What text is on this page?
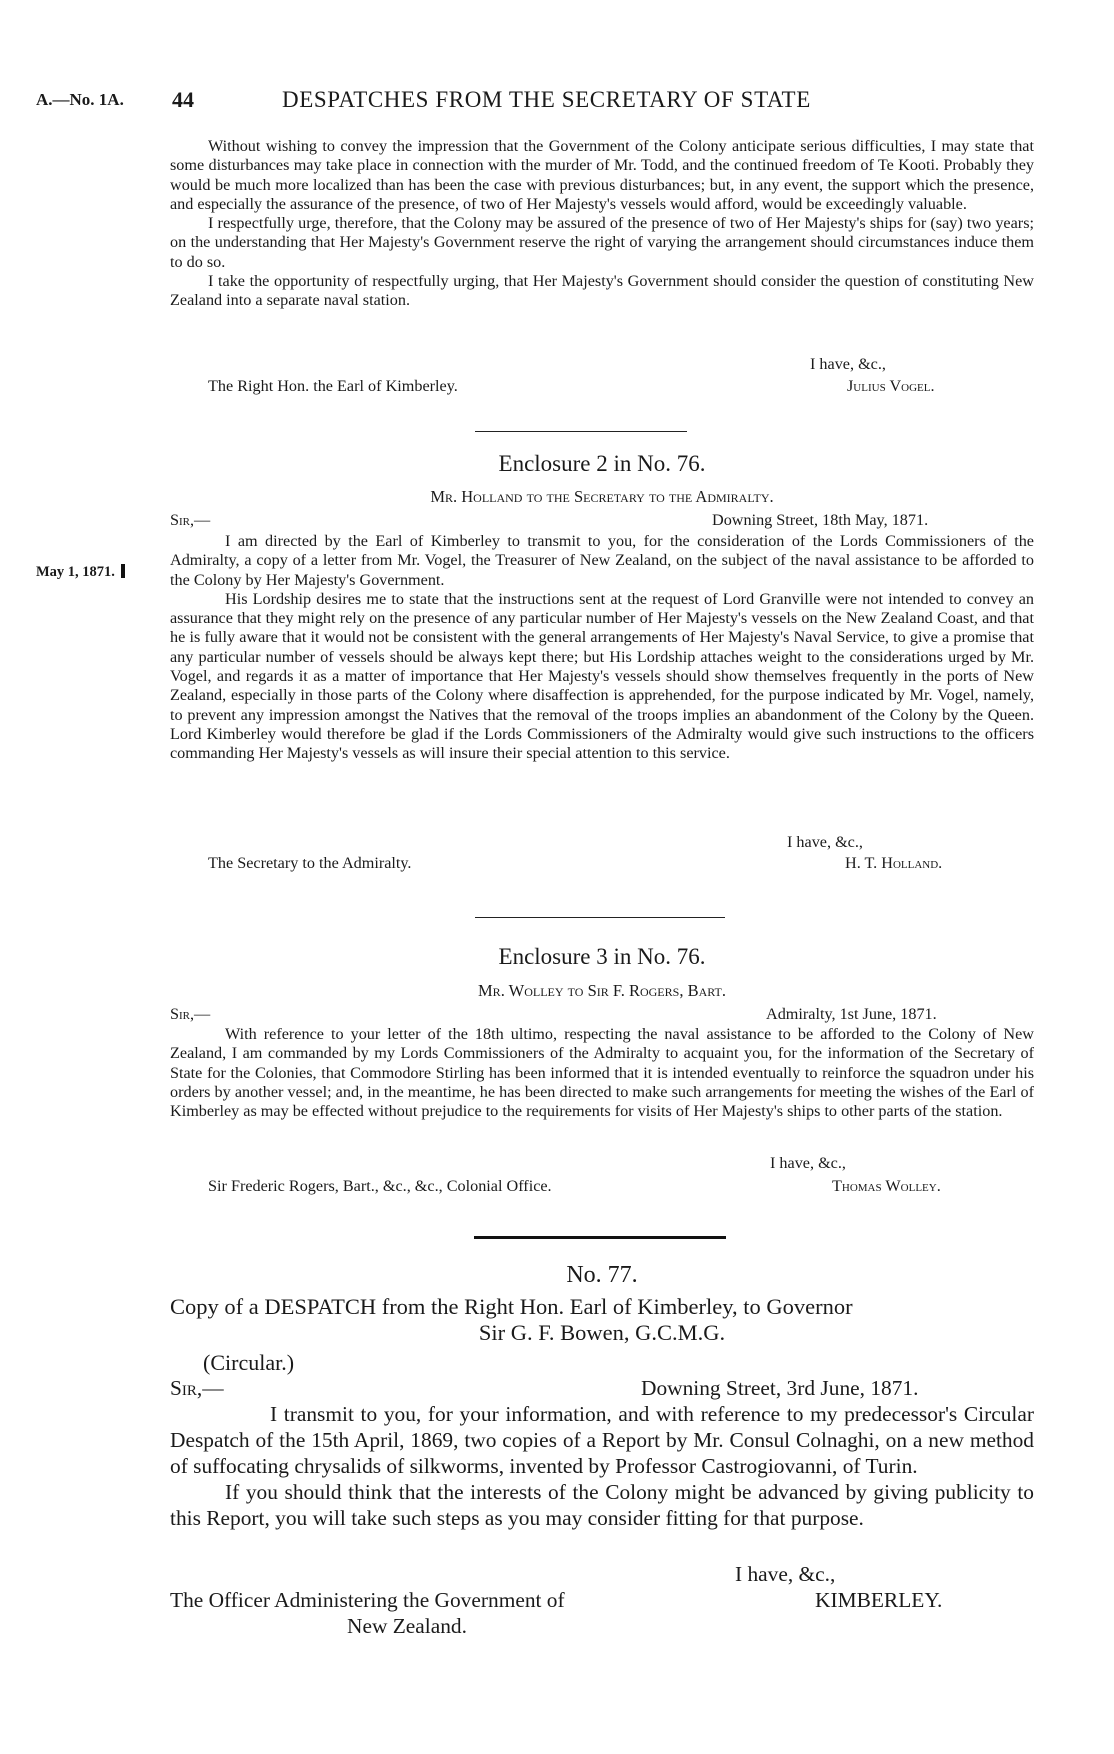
A.—No. 1A. 44	DESPATCHES FROM THE SECRETARY OF STATE

Without wishing to convey the impression that the Government of the Colony anticipate serious difficulties, I may state that some disturbances may take place in connection with the murder of Mr. Todd, and the continued freedom of Te Kooti. Probably they would be much more localized than has been the case with previous disturbances; but, in any event, the support which the presence, and especially the assurance of the presence, of two of Her Majesty's vessels would afford, would be exceedingly valuable.

I respectfully urge, therefore, that the Colony may be assured of the presence of two of Her Majesty's ships for (say) two years; on the understanding that Her Majesty's Government reserve the right of varying the arrangement should circumstances induce them to do so.

I take the opportunity of respectfully urging, that Her Majesty's Government should consider the question of constituting New Zealand into a separate naval station.

I have, &c.,
The Right Hon. the Earl of Kimberley.	Julius Vogel.
Enclosure 2 in No. 76.
Mr. Holland to the Secretary to the Admiralty.
Sir,—	Downing Street, 18th May, 1871.
May 1, 1871.

I am directed by the Earl of Kimberley to transmit to you, for the consideration of the Lords Commissioners of the Admiralty, a copy of a letter from Mr. Vogel, the Treasurer of New Zealand, on the subject of the naval assistance to be afforded to the Colony by Her Majesty's Government.

His Lordship desires me to state that the instructions sent at the request of Lord Granville were not intended to convey an assurance that they might rely on the presence of any particular number of Her Majesty's vessels on the New Zealand Coast, and that he is fully aware that it would not be consistent with the general arrangements of Her Majesty's Naval Service, to give a promise that any particular number of vessels should be always kept there; but His Lordship attaches weight to the considerations urged by Mr. Vogel, and regards it as a matter of importance that Her Majesty's vessels should show themselves frequently in the ports of New Zealand, especially in those parts of the Colony where disaffection is apprehended, for the purpose indicated by Mr. Vogel, namely, to prevent any impression amongst the Natives that the removal of the troops implies an abandonment of the Colony by the Queen. Lord Kimberley would therefore be glad if the Lords Commissioners of the Admiralty would give such instructions to the officers commanding Her Majesty's vessels as will insure their special attention to this service.

I have, &c.,
The Secretary to the Admiralty.	H. T. Holland.
Enclosure 3 in No. 76.
Mr. Wolley to Sir F. Rogers, Bart.
Sir,—	Admiralty, 1st June, 1871.

With reference to your letter of the 18th ultimo, respecting the naval assistance to be afforded to the Colony of New Zealand, I am commanded by my Lords Commissioners of the Admiralty to acquaint you, for the information of the Secretary of State for the Colonies, that Commodore Stirling has been informed that it is intended eventually to reinforce the squadron under his orders by another vessel; and, in the meantime, he has been directed to make such arrangements for meeting the wishes of the Earl of Kimberley as may be effected without prejudice to the requirements for visits of Her Majesty's ships to other parts of the station.

I have, &c.,
Sir Frederic Rogers, Bart., &c., &c., Colonial Office.	Thomas Wolley.
No. 77.
Copy of a DESPATCH from the Right Hon. Earl of Kimberley, to Governor
Sir G. F. Bowen, G.C.M.G.
(Circular.)
Sir,—	Downing Street, 3rd June, 1871.

I transmit to you, for your information, and with reference to my predecessor's Circular Despatch of the 15th April, 1869, two copies of a Report by Mr. Consul Colnaghi, on a new method of suffocating chrysalids of silkworms, invented by Professor Castrogiovanni, of Turin.

If you should think that the interests of the Colony might be advanced by giving publicity to this Report, you will take such steps as you may consider fitting for that purpose.

I have, &c.,
The Officer Administering the Government of	KIMBERLEY.
New Zealand.
